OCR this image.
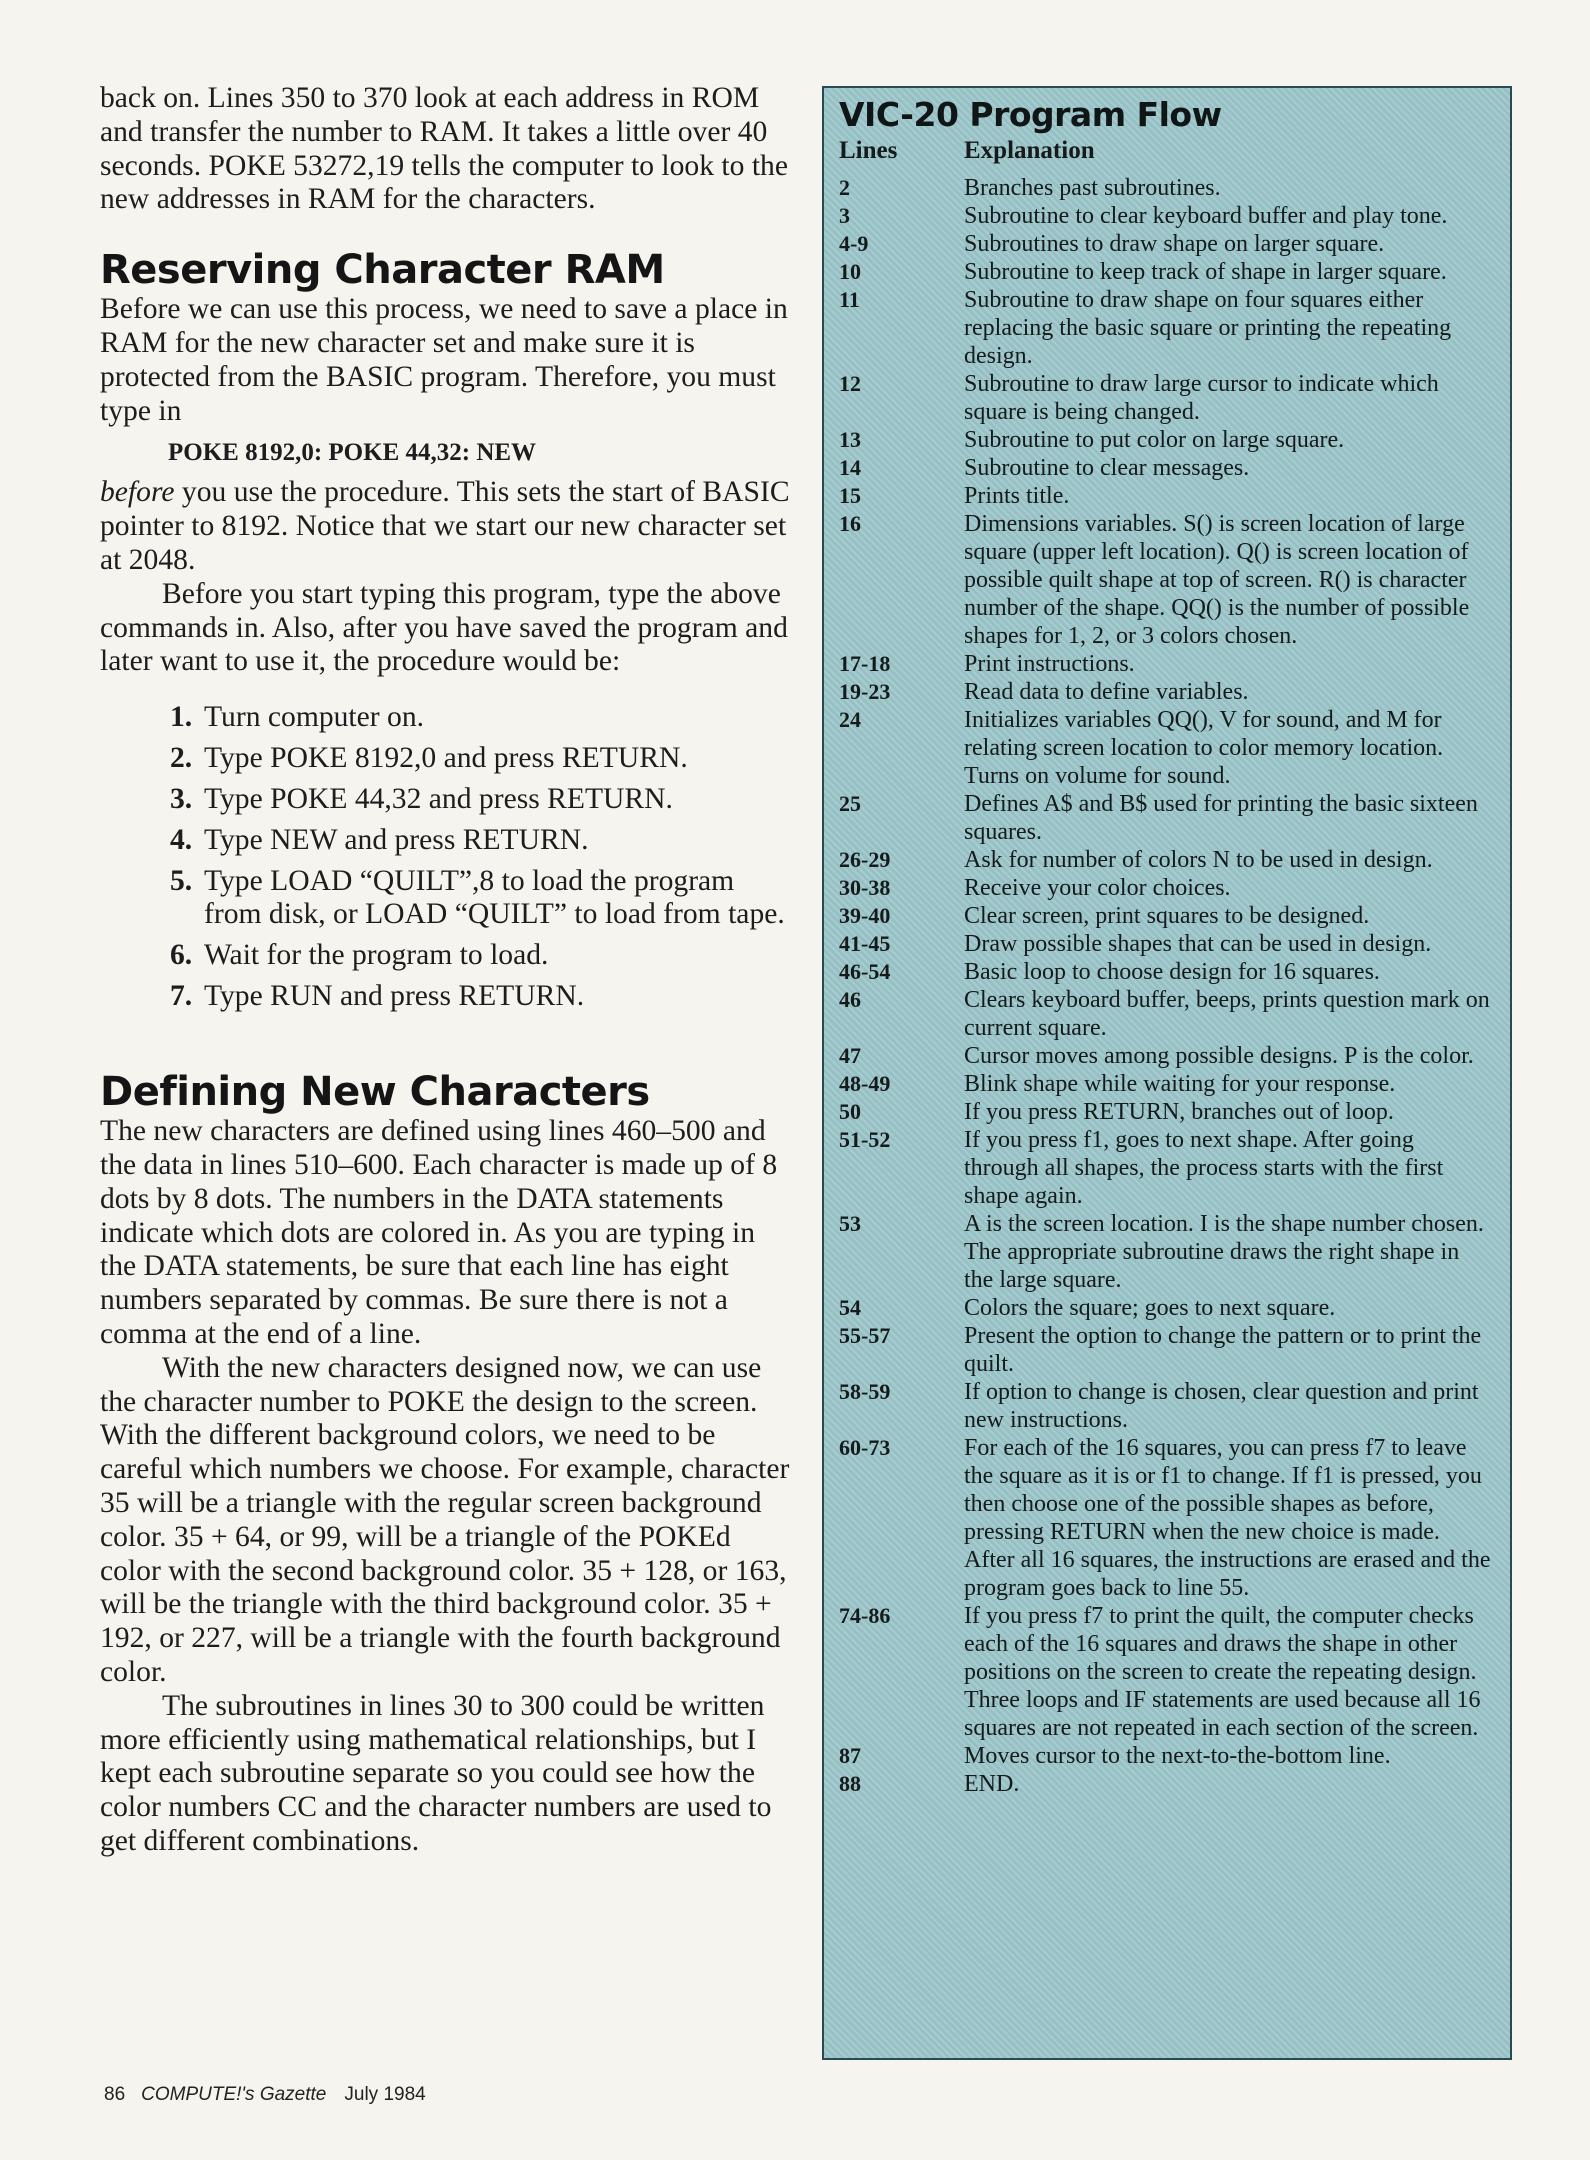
back on. Lines 350 to 370 look at each address in ROM and transfer the number to RAM. It takes a little over 40 seconds. POKE 53272,19 tells the computer to look to the new addresses in RAM for the characters.

Reserving Character RAM

Before we can use this process, we need to save a place in RAM for the new character set and make sure it is protected from the BASIC program. Therefore, you must type in

POKE 8192,0: POKE 44,32: NEW

before you use the procedure. This sets the start of BASIC pointer to 8192. Notice that we start our new character set at 2048.

Before you start typing this program, type the above commands in. Also, after you have saved the program and later want to use it, the procedure would be:

1. Turn computer on.
2. Type POKE 8192,0 and press RETURN.
3. Type POKE 44,32 and press RETURN.
4. Type NEW and press RETURN.
5. Type LOAD “QUILT”,8 to load the program from disk, or LOAD “QUILT” to load from tape.
6. Wait for the program to load.
7. Type RUN and press RETURN.
Defining New Characters

The new characters are defined using lines 460–500 and the data in lines 510–600. Each character is made up of 8 dots by 8 dots. The numbers in the DATA statements indicate which dots are colored in. As you are typing in the DATA statements, be sure that each line has eight numbers separated by commas. Be sure there is not a comma at the end of a line.

With the new characters designed now, we can use the character number to POKE the design to the screen. With the different background colors, we need to be careful which numbers we choose. For example, character 35 will be a triangle with the regular screen background color. 35 + 64, or 99, will be a triangle of the POKEd color with the second background color. 35 + 128, or 163, will be the triangle with the third background color. 35 + 192, or 227, will be a triangle with the fourth background color.

The subroutines in lines 30 to 300 could be written more efficiently using mathematical relationships, but I kept each subroutine separate so you could see how the color numbers CC and the character numbers are used to get different combinations.

VIC-20 Program Flow
Lines	Explanation
2	Branches past subroutines.
3	Subroutine to clear keyboard buffer and play tone.
4-9	Subroutines to draw shape on larger square.
10	Subroutine to keep track of shape in larger square.
11	Subroutine to draw shape on four squares either replacing the basic square or printing the repeating design.
12	Subroutine to draw large cursor to indicate which square is being changed.
13	Subroutine to put color on large square.
14	Subroutine to clear messages.
15	Prints title.
16	Dimensions variables. S() is screen location of large square (upper left location). Q() is screen location of possible quilt shape at top of screen. R() is character number of the shape. QQ() is the number of possible shapes for 1, 2, or 3 colors chosen.
17-18	Print instructions.
19-23	Read data to define variables.
24	Initializes variables QQ(), V for sound, and M for relating screen location to color memory location. Turns on volume for sound.
25	Defines A$ and B$ used for printing the basic sixteen squares.
26-29	Ask for number of colors N to be used in design.
30-38	Receive your color choices.
39-40	Clear screen, print squares to be designed.
41-45	Draw possible shapes that can be used in design.
46-54	Basic loop to choose design for 16 squares.
46	Clears keyboard buffer, beeps, prints question mark on current square.
47	Cursor moves among possible designs. P is the color.
48-49	Blink shape while waiting for your response.
50	If you press RETURN, branches out of loop.
51-52	If you press f1, goes to next shape. After going through all shapes, the process starts with the first shape again.
53	A is the screen location. I is the shape number chosen. The appropriate subroutine draws the right shape in the large square.
54	Colors the square; goes to next square.
55-57	Present the option to change the pattern or to print the quilt.
58-59	If option to change is chosen, clear question and print new instructions.
60-73	For each of the 16 squares, you can press f7 to leave the square as it is or f1 to change. If f1 is pressed, you then choose one of the possible shapes as before, pressing RETURN when the new choice is made. After all 16 squares, the instructions are erased and the program goes back to line 55.
74-86	If you press f7 to print the quilt, the computer checks each of the 16 squares and draws the shape in other positions on the screen to create the repeating design. Three loops and IF statements are used because all 16 squares are not repeated in each section of the screen.
87	Moves cursor to the next-to-the-bottom line.
88	END.
86 COMPUTE!'s Gazette July 1984
